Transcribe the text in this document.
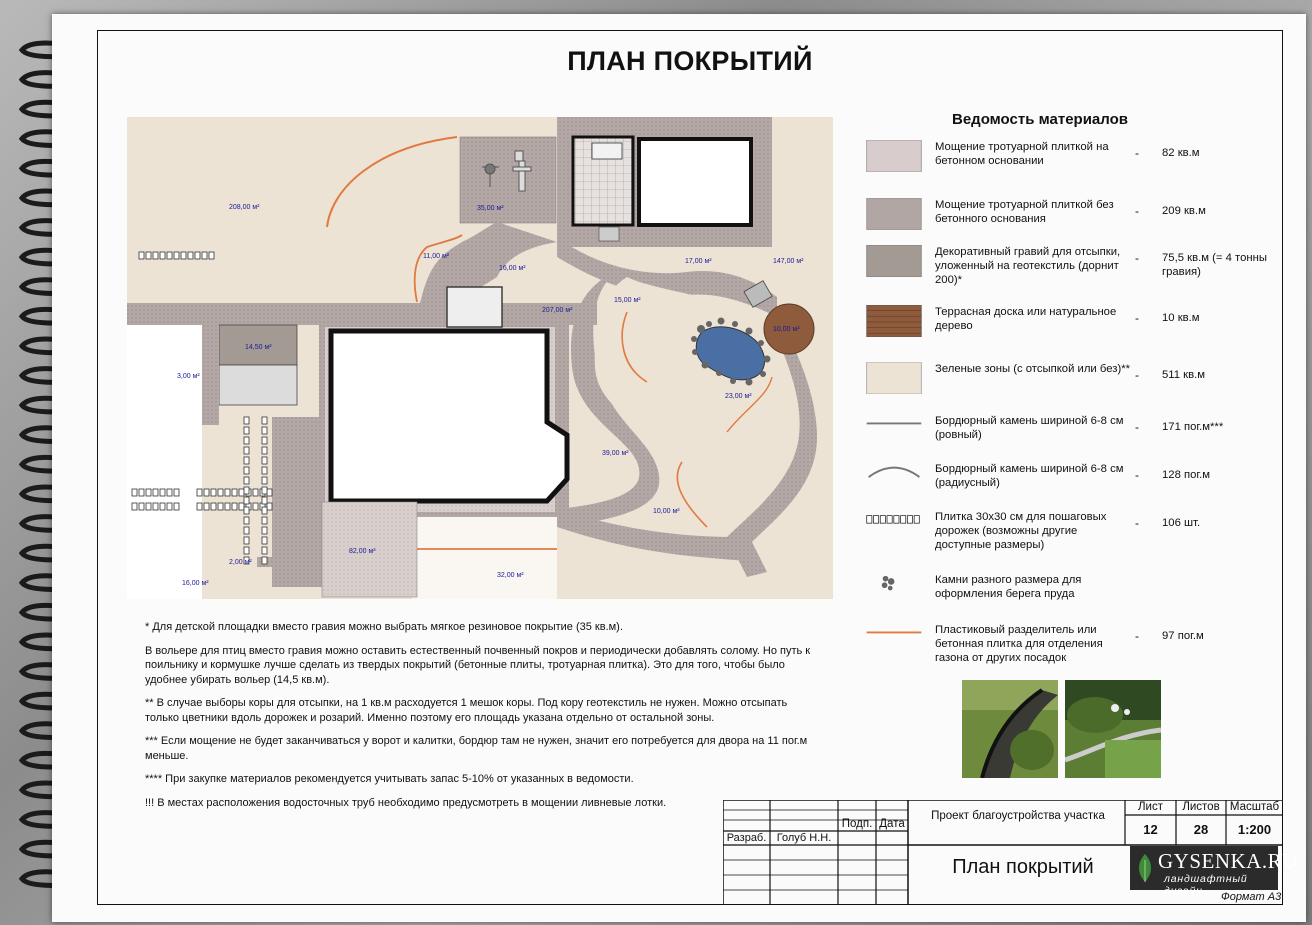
ПЛАН ПОКРЫТИЙ
208,00 м²	35,00 м²
11,00 м²
16,00 м²
17,00 м²	147,00 м²
15,00 м²
207,00 м²
10,00 м²
14,50 м²
3,00 м²
23,00 м²
39,00 м²
10,00 м²
82,00 м²
2,00 м²
32,00 м²
16,00 м²
Ведомость материалов
Мощение тротуарной плиткой на бетонном основании
- 82 кв.м
Мощение тротуарной плиткой без бетонного основания
- 209 кв.м
Декоративный гравий для отсыпки, уложенный на геотекстиль (дорнит 200)*
- 75,5 кв.м (= 4 тонны гравия)
Террасная доска или натуральное дерево
- 10 кв.м
Зеленые зоны (с отсыпкой или без)** - 511 кв.м
Бордюрный камень шириной 6-8 см (ровный)
- 171 пог.м***
Бордюрный камень шириной 6-8 см (радиусный)
- 128 пог.м
Плитка 30х30 см для пошаговых дорожек (возможны другие доступные размеры)
- 106 шт.
Камни разного размера для оформления берега пруда
Пластиковый разделитель или бетонная плитка для отделения газона от других посадок
- 97 пог.м

* Для детской площадки вместо гравия можно выбрать мягкое резиновое покрытие (35 кв.м).

В вольере для птиц вместо гравия можно оставить естественный почвенный покров и периодически добавлять солому. Но путь к поильнику и кормушке лучше сделать из твердых покрытий (бетонные плиты, тротуарная плитка). Это для того, чтобы было удобнее убирать вольер (14,5 кв.м).

** В случае выборы коры для отсыпки, на 1 кв.м расходуется 1 мешок коры. Под кору геотекстиль не нужен. Можно отсыпать только цветники вдоль дорожек и розарий. Именно поэтому его площадь указана отдельно от остальной зоны.

*** Если мощение не будет заканчиваться у ворот и калитки, бордюр там не нужен, значит его потребуется для двора на 11 пог.м меньше.

**** При закупке материалов рекомендуется учитывать запас 5-10% от указанных в ведомости.

!!! В местах расположения водосточных труб необходимо предусмотреть в мощении ливневые лотки.

Подп. Дата
Разраб. Голуб Н.Н.
Проект благоустройства участка
Лист	Листов Масштаб
12	28	1:200
План покрытий	GYSENKA.RU
ландшафтный дизайн	Формат А3
